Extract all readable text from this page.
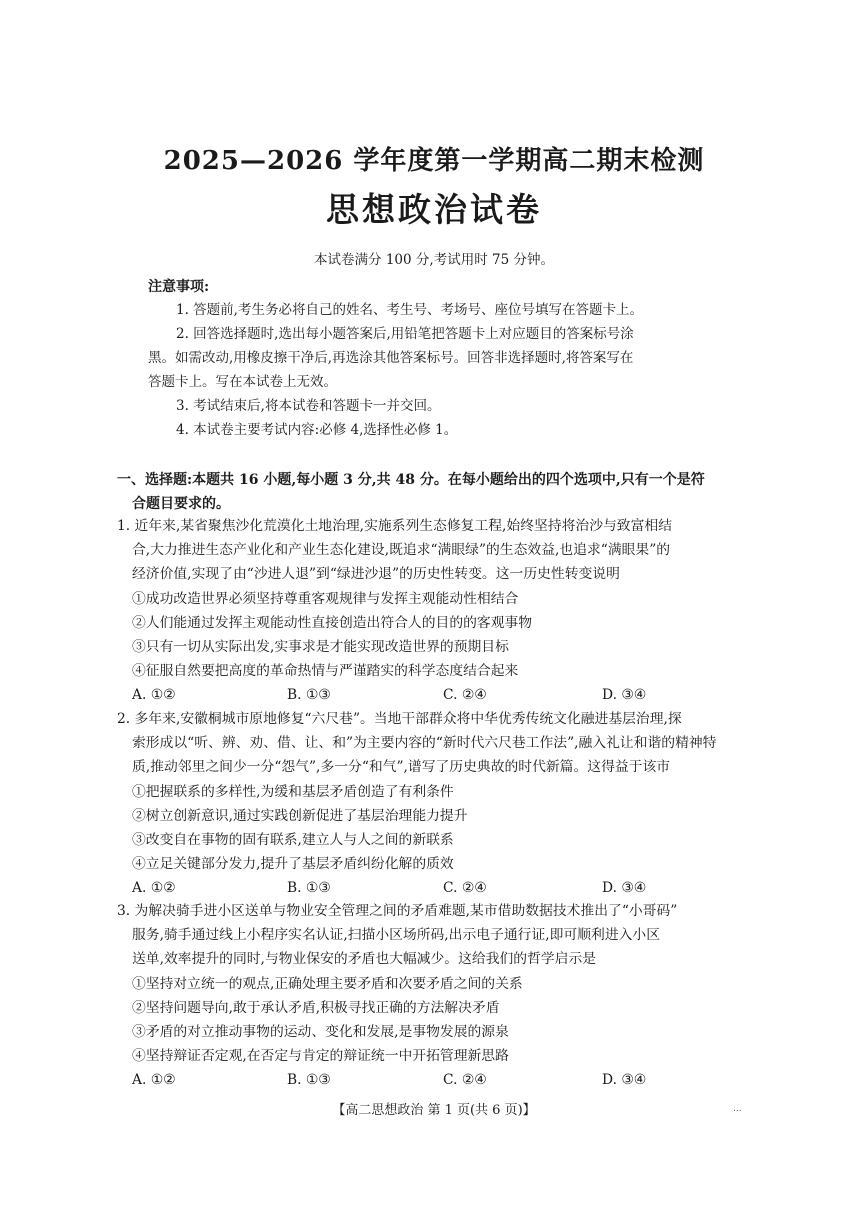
2025—2026 学年度第一学期高二期末检测
思想政治试卷
本试卷满分 100 分,考试用时 75 分钟。
注意事项:
1. 答题前,考生务必将自己的姓名、考生号、考场号、座位号填写在答题卡上。
2. 回答选择题时,选出每小题答案后,用铅笔把答题卡上对应题目的答案标号涂
黑。如需改动,用橡皮擦干净后,再选涂其他答案标号。回答非选择题时,将答案写在
答题卡上。写在本试卷上无效。
3. 考试结束后,将本试卷和答题卡一并交回。
4. 本试卷主要考试内容:必修 4,选择性必修 1。
一、选择题:本题共 16 小题,每小题 3 分,共 48 分。在每小题给出的四个选项中,只有一个是符
合题目要求的。
1. 近年来,某省聚焦沙化荒漠化土地治理,实施系列生态修复工程,始终坚持将治沙与致富相结
合,大力推进生态产业化和产业生态化建设,既追求“满眼绿”的生态效益,也追求“满眼果”的
经济价值,实现了由“沙进人退”到“绿进沙退”的历史性转变。这一历史性转变说明
①成功改造世界必须坚持尊重客观规律与发挥主观能动性相结合
②人们能通过发挥主观能动性直接创造出符合人的目的的客观事物
③只有一切从实际出发,实事求是才能实现改造世界的预期目标
④征服自然要把高度的革命热情与严谨踏实的科学态度结合起来
A. ①②	B. ①③	C. ②④	D. ③④
2. 多年来,安徽桐城市原地修复“六尺巷”。当地干部群众将中华优秀传统文化融进基层治理,探
索形成以“听、辨、劝、借、让、和”为主要内容的“新时代六尺巷工作法”,融入礼让和谐的精神特
质,推动邻里之间少一分“怨气”,多一分“和气”,谱写了历史典故的时代新篇。这得益于该市
①把握联系的多样性,为缓和基层矛盾创造了有利条件
②树立创新意识,通过实践创新促进了基层治理能力提升
③改变自在事物的固有联系,建立人与人之间的新联系
④立足关键部分发力,提升了基层矛盾纠纷化解的质效
A. ①②	B. ①③	C. ②④	D. ③④
3. 为解决骑手进小区送单与物业安全管理之间的矛盾难题,某市借助数据技术推出了“小哥码”
服务,骑手通过线上小程序实名认证,扫描小区场所码,出示电子通行证,即可顺利进入小区
送单,效率提升的同时,与物业保安的矛盾也大幅减少。这给我们的哲学启示是
①坚持对立统一的观点,正确处理主要矛盾和次要矛盾之间的关系
②坚持问题导向,敢于承认矛盾,积极寻找正确的方法解决矛盾
③矛盾的对立推动事物的运动、变化和发展,是事物发展的源泉
④坚持辩证否定观,在否定与肯定的辩证统一中开拓管理新思路
A. ①②	B. ①③	C. ②④	D. ③④
【高二思想政治 第 1 页(共 6 页)】	...
